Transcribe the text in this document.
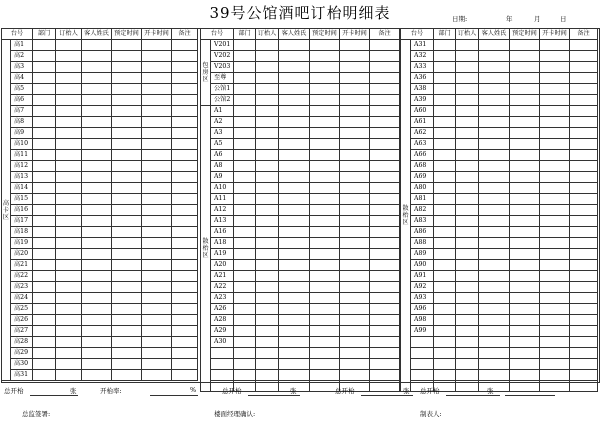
39号公馆酒吧订枱明细表	日期:	年	月	日
台号		部门	订枱人	客人姓氏	预定时间	开卡时间	备注
高卡区	高1						
	高2						
	高3						
	高4						
	高5						
	高6						
	高7						
	高8						
	高9						
	高10						
	高11						
	高12						
	高13						
	高14						
	高15						
	高16						
	高17						
	高18						
	高19						
	高20						
	高21						
	高22						
	高23						
	高24						
	高25						
	高26						
	高27						
	高28						
	高29						
	高30						
	高31						
台号		部门	订枱人	客人姓氏	预定时间	开卡时间	备注
包房区	V201						
	V202						
	V203						
	至尊						
	公馆1						
	公馆2						
散枱区	A1						
	A2						
	A3						
	A5						
	A6						
	A8						
	A9						
	A10						
	A11						
	A12						
	A13						
	A16						
	A18						
	A19						
	A20						
	A21						
	A22						
	A23						
	A26						
	A28						
	A29						
	A30						

台号		部门	订枱人	客人姓氏	预定时间	开卡时间	备注
散枱区	A31						
	A32						
	A33						
	A36						
	A38						
	A39						
	A60						
	A61						
	A62						
	A63						
	A66						
	A68						
	A69						
	A80						
	A81						
	A82						
	A83						
	A86						
	A88						
	A89						
	A90						
	A91						
	A92						
	A93						
	A96						
	A98						
	A99						

总开枱	张	开枱率:	%	总开枱	张	总开枱	张 总开枱	张
总监签署:	楼面经理确认:	制表人:
